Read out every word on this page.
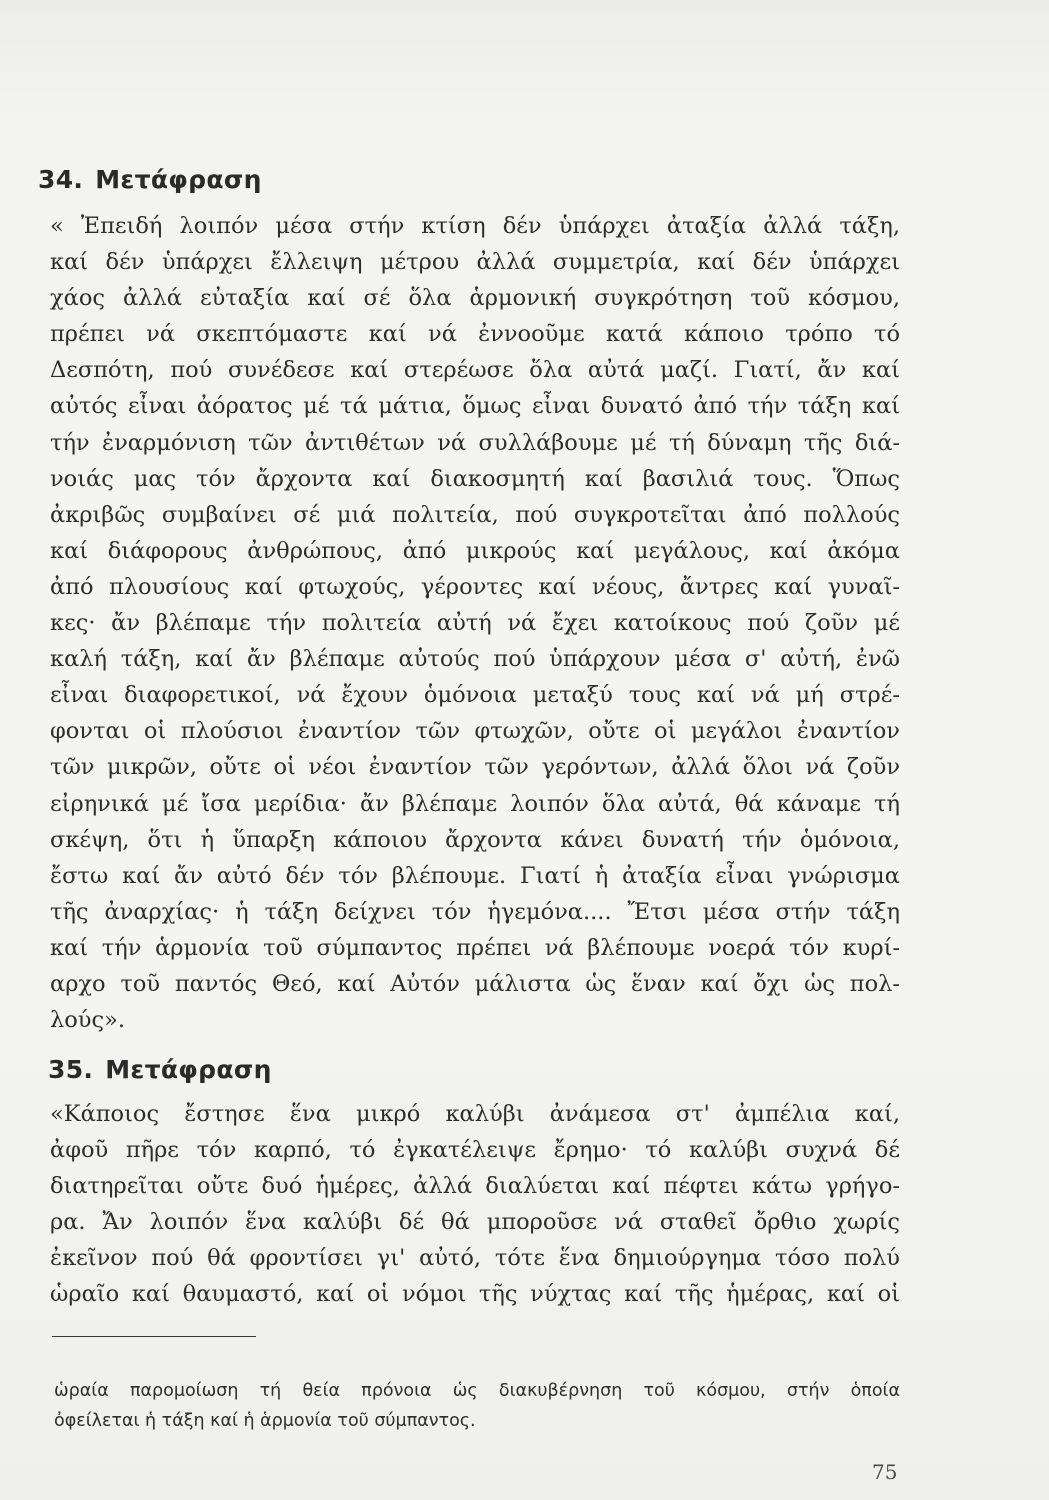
34. Μετάφραση
« Ἐπειδή λοιπόν μέσα στήν κτίση δέν ὑπάρχει ἀταξία ἀλλά τάξη,
καί δέν ὑπάρχει ἔλλειψη μέτρου ἀλλά συμμετρία, καί δέν ὑπάρχει
χάος ἀλλά εὐταξία καί σέ ὅλα ἁρμονική συγκρότηση τοῦ κόσμου,
πρέπει νά σκεπτόμαστε καί νά ἐννοοῦμε κατά κάποιο τρόπο τό
Δεσπότη, πού συνέδεσε καί στερέωσε ὅλα αὐτά μαζί. Γιατί, ἄν καί
αὐτός εἶναι ἀόρατος μέ τά μάτια, ὅμως εἶναι δυνατό ἀπό τήν τάξη καί
τήν ἐναρμόνιση τῶν ἀντιθέτων νά συλλάβουμε μέ τή δύναμη τῆς διά-
νοιάς μας τόν ἄρχοντα καί διακοσμητή καί βασιλιά τους. Ὅπως
ἀκριβῶς συμβαίνει σέ μιά πολιτεία, πού συγκροτεῖται ἀπό πολλούς
καί διάφορους ἀνθρώπους, ἀπό μικρούς καί μεγάλους, καί ἀκόμα
ἀπό πλουσίους καί φτωχούς, γέροντες καί νέους, ἄντρες καί γυναῖ-
κες· ἄν βλέπαμε τήν πολιτεία αὐτή νά ἔχει κατοίκους πού ζοῦν μέ
καλή τάξη, καί ἄν βλέπαμε αὐτούς πού ὑπάρχουν μέσα σ' αὐτή, ἐνῶ
εἶναι διαφορετικοί, νά ἔχουν ὁμόνοια μεταξύ τους καί νά μή στρέ-
φονται οἱ πλούσιοι ἐναντίον τῶν φτωχῶν, οὔτε οἱ μεγάλοι ἐναντίον
τῶν μικρῶν, οὔτε οἱ νέοι ἐναντίον τῶν γερόντων, ἀλλά ὅλοι νά ζοῦν
εἰρηνικά μέ ἴσα μερίδια· ἄν βλέπαμε λοιπόν ὅλα αὐτά, θά κάναμε τή
σκέψη, ὅτι ἡ ὕπαρξη κάποιου ἄρχοντα κάνει δυνατή τήν ὁμόνοια,
ἔστω καί ἄν αὐτό δέν τόν βλέπουμε. Γιατί ἡ ἀταξία εἶναι γνώρισμα
τῆς ἀναρχίας· ἡ τάξη δείχνει τόν ἡγεμόνα.... Ἔτσι μέσα στήν τάξη
καί τήν ἁρμονία τοῦ σύμπαντος πρέπει νά βλέπουμε νοερά τόν κυρί-
αρχο τοῦ παντός Θεό, καί Αὐτόν μάλιστα ὡς ἕναν καί ὄχι ὡς πολ-
λούς».
35. Μετάφραση
«Κάποιος ἔστησε ἕνα μικρό καλύβι ἀνάμεσα στ' ἀμπέλια καί,
ἀφοῦ πῆρε τόν καρπό, τό ἐγκατέλειψε ἔρημο· τό καλύβι συχνά δέ
διατηρεῖται οὔτε δυό ἡμέρες, ἀλλά διαλύεται καί πέφτει κάτω γρήγο-
ρα. Ἄν λοιπόν ἕνα καλύβι δέ θά μποροῦσε νά σταθεῖ ὄρθιο χωρίς
ἐκεῖνον πού θά φροντίσει γι' αὐτό, τότε ἕνα δημιούργημα τόσο πολύ
ὡραῖο καί θαυμαστό, καί οἱ νόμοι τῆς νύχτας καί τῆς ἡμέρας, καί οἱ
ὡραία παρομοίωση τή θεία πρόνοια ὡς διακυβέρνηση τοῦ κόσμου, στήν ὁποία
ὀφείλεται ἡ τάξη καί ἡ ἁρμονία τοῦ σύμπαντος.
75
